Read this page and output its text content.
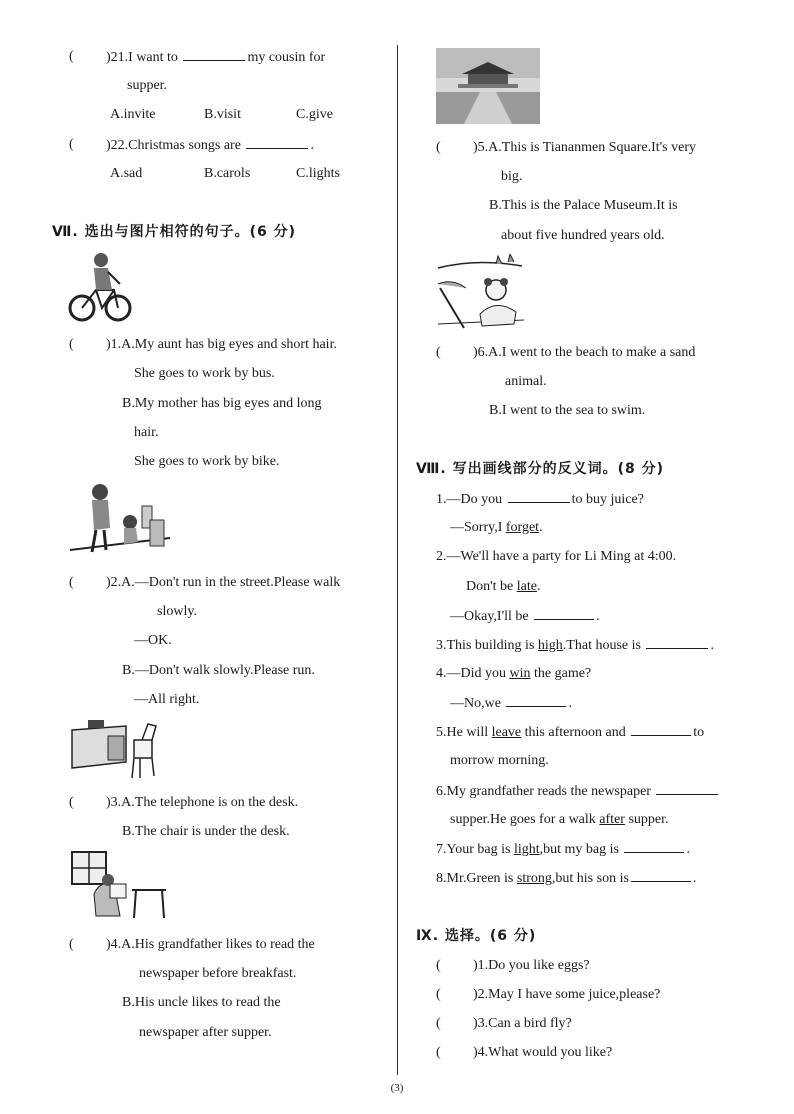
( )21.I want to	my cousin for
supper.
A.invite	B.visit	C.give
( )22.Christmas songs are	.
A.sad	B.carols	C.lights
Ⅶ. 选出与图片相符的句子。(6 分)
( )1.A.My aunt has big eyes and short hair.
She goes to work by bus.
B.My mother has big eyes and long
hair.
She goes to work by bike.
( )2.A.—Don't run in the street.Please walk
slowly.
—OK.
B.—Don't walk slowly.Please run.
—All right.
( )3.A.The telephone is on the desk.
B.The chair is under the desk.
( )4.A.His grandfather likes to read the
newspaper before breakfast.
B.His uncle likes to read the
newspaper after supper.
( )5.A.This is Tiananmen Square.It's very
big.
B.This is the Palace Museum.It is
about five hundred years old.
( )6.A.I went to the beach to make a sand
animal.
B.I went to the sea to swim.
Ⅷ. 写出画线部分的反义词。(8 分)
1.—Do you	to buy juice?
—Sorry,I forget.
2.—We'll have a party for Li Ming at 4:00.
Don't be late.
—Okay,I'll be	.
3.This building is high.That house is	.
4.—Did you win the game?
—No,we	.
5.He will leave this afternoon and	to
morrow morning.
6.My grandfather reads the newspaper
supper.He goes for a walk after supper.
7.Your bag is light,but my bag is	.
8.Mr.Green is strong,but his son is	.
Ⅸ. 选择。(6 分)
( )1.Do you like eggs?
( )2.May I have some juice,please?
( )3.Can a bird fly?
( )4.What would you like?
(3)
